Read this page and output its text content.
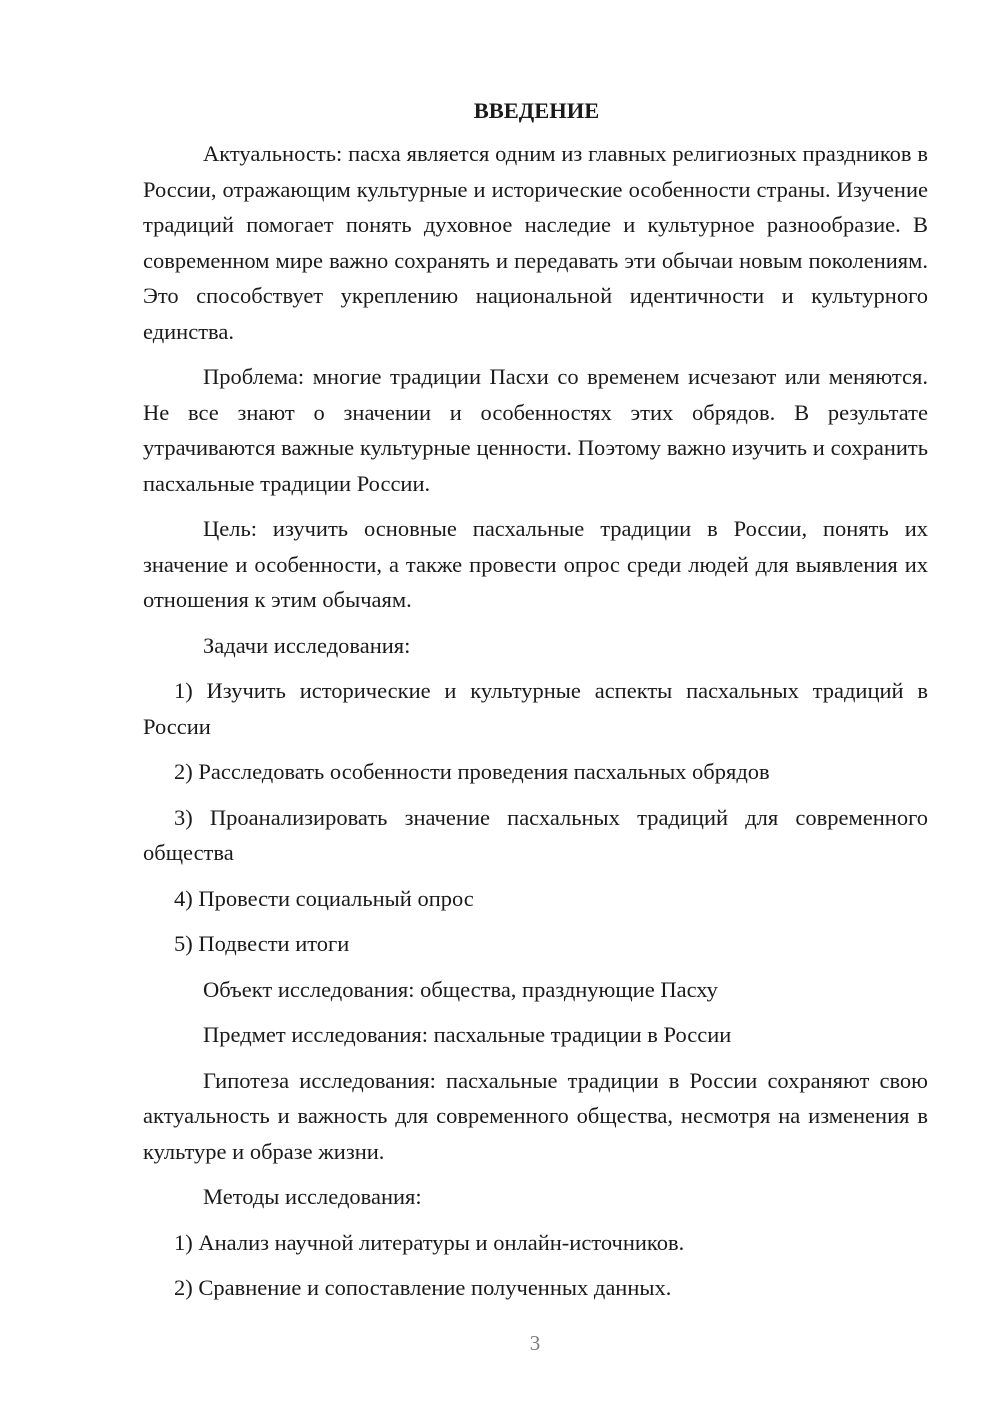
ВВЕДЕНИЕ

Актуальность: пасха является одним из главных религиозных праздников в России, отражающим культурные и исторические особенности страны. Изучение традиций помогает понять духовное наследие и культурное разнообразие. В современном мире важно сохранять и передавать эти обычаи новым поколениям. Это способствует укреплению национальной идентичности и культурного единства.

Проблема: многие традиции Пасхи со временем исчезают или меняются. Не все знают о значении и особенностях этих обрядов. В результате утрачиваются важные культурные ценности. Поэтому важно изучить и сохранить пасхальные традиции России.

Цель: изучить основные пасхальные традиции в России, понять их значение и особенности, а также провести опрос среди людей для выявления их отношения к этим обычаям.

Задачи исследования:

1) Изучить исторические и культурные аспекты пасхальных традиций в России

2) Расследовать особенности проведения пасхальных обрядов

3) Проанализировать значение пасхальных традиций для современного общества

4) Провести социальный опрос

5) Подвести итоги

Объект исследования: общества, празднующие Пасху

Предмет исследования: пасхальные традиции в России

Гипотеза исследования: пасхальные традиции в России сохраняют свою актуальность и важность для современного общества, несмотря на изменения в культуре и образе жизни.

Методы исследования:

1) Анализ научной литературы и онлайн-источников.

2) Сравнение и сопоставление полученных данных.

3
